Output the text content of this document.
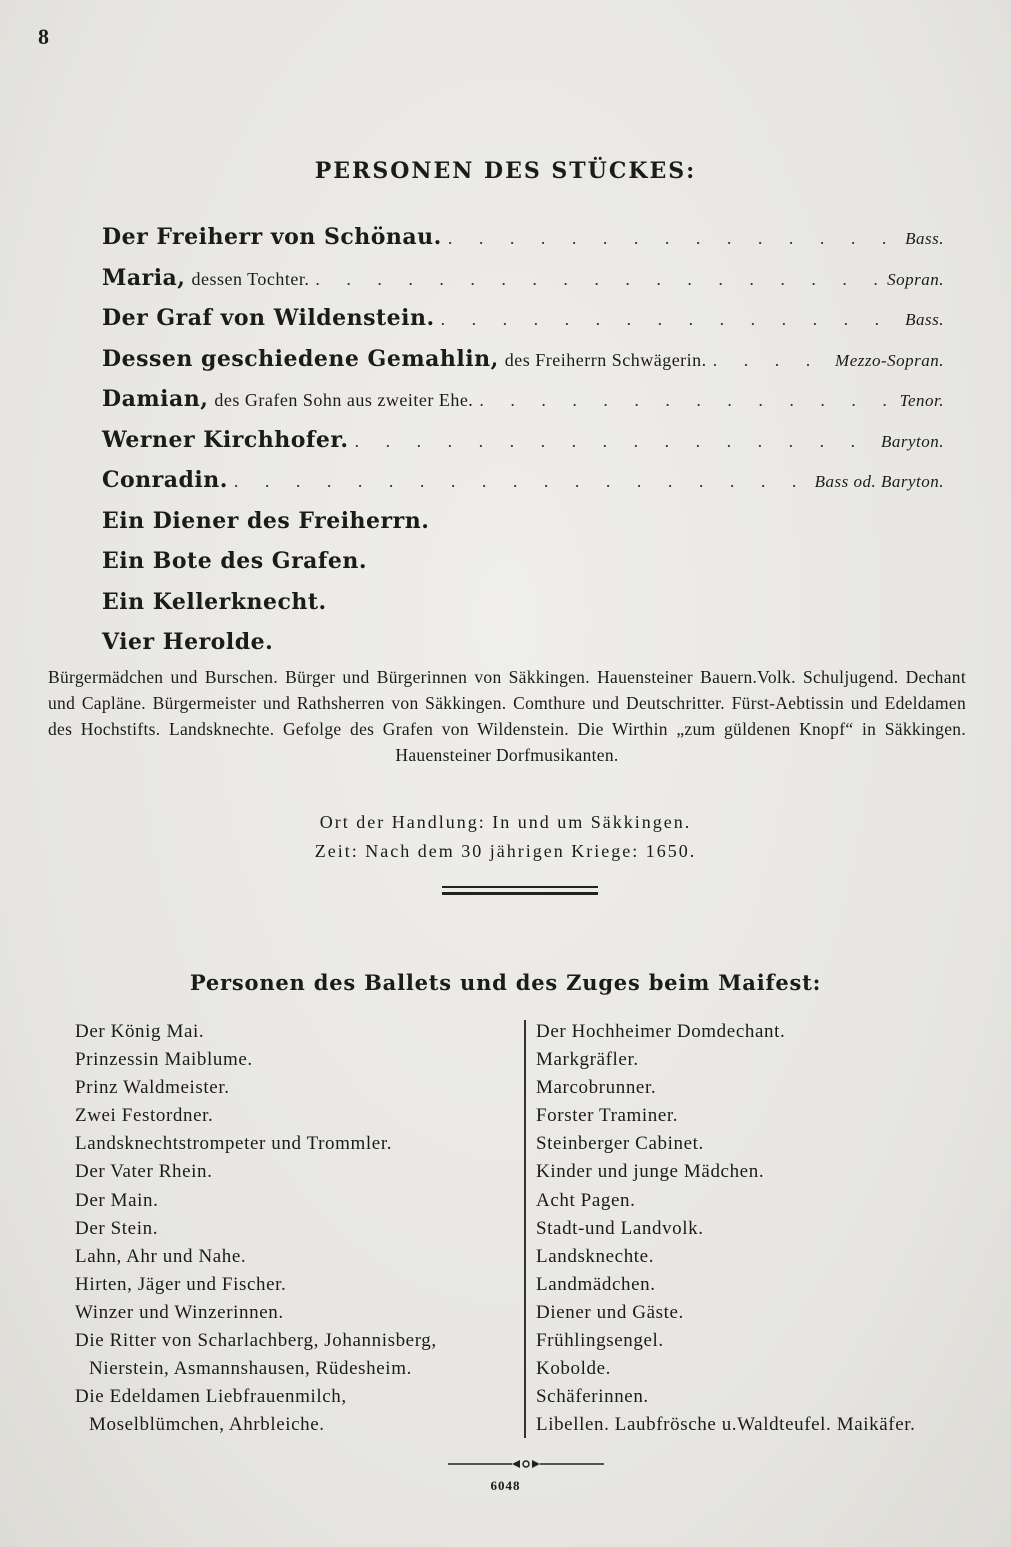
8
PERSONEN DES STÜCKES:
Der Freiherr von Schönau. . . .	Bass.
Maria, dessen Tochter. . . .	Sopran.
Der Graf von Wildenstein. . . .	Bass.
Dessen geschiedene Gemahlin, des Freiherrn Schwägerin. . . .	Mezzo-Sopran.
Damian, des Grafen Sohn aus zweiter Ehe. . . .	Tenor.
Werner Kirchhofer. . . .	Baryton.
Conradin. . . .	Bass od. Baryton.
Ein Diener des Freiherrn.
Ein Bote des Grafen.
Ein Kellerknecht.
Vier Herolde.
Bürgermädchen und Burschen. Bürger und Bürgerinnen von Säkkingen. Hauensteiner Bauern.Volk. Schuljugend. Dechant und Capläne. Bürgermeister und Rathsherren von Säkkingen. Comthure und Deutschritter. Fürst-Aebtissin und Edeldamen des Hochstifts. Landsknechte. Gefolge des Grafen von Wildenstein. Die Wirthin „zum güldenen Knopf“ in Säkkingen. Hauensteiner Dorfmusikanten.
Ort der Handlung: In und um Säkkingen.
Zeit: Nach dem 30 jährigen Kriege: 1650.
Personen des Ballets und des Zuges beim Maifest:
Der König Mai.
Prinzessin Maiblume.
Prinz Waldmeister.
Zwei Festordner.
Landsknechtstrompeter und Trommler.
Der Vater Rhein.
Der Main.
Der Stein.
Lahn, Ahr und Nahe.
Hirten, Jäger und Fischer.
Winzer und Winzerinnen.
Die Ritter von Scharlachberg, Johannisberg,
Nierstein, Asmannshausen, Rüdesheim.
Die Edeldamen Liebfrauenmilch,
Moselblümchen, Ahrbleiche.
Der Hochheimer Domdechant.
Markgräfler.
Marcobrunner.
Forster Traminer.
Steinberger Cabinet.
Kinder und junge Mädchen.
Acht Pagen.
Stadt-und Landvolk.
Landsknechte.
Landmädchen.
Diener und Gäste.
Frühlingsengel.
Kobolde.
Schäferinnen.
Libellen. Laubfrösche u.Waldteufel. Maikäfer.
6048
